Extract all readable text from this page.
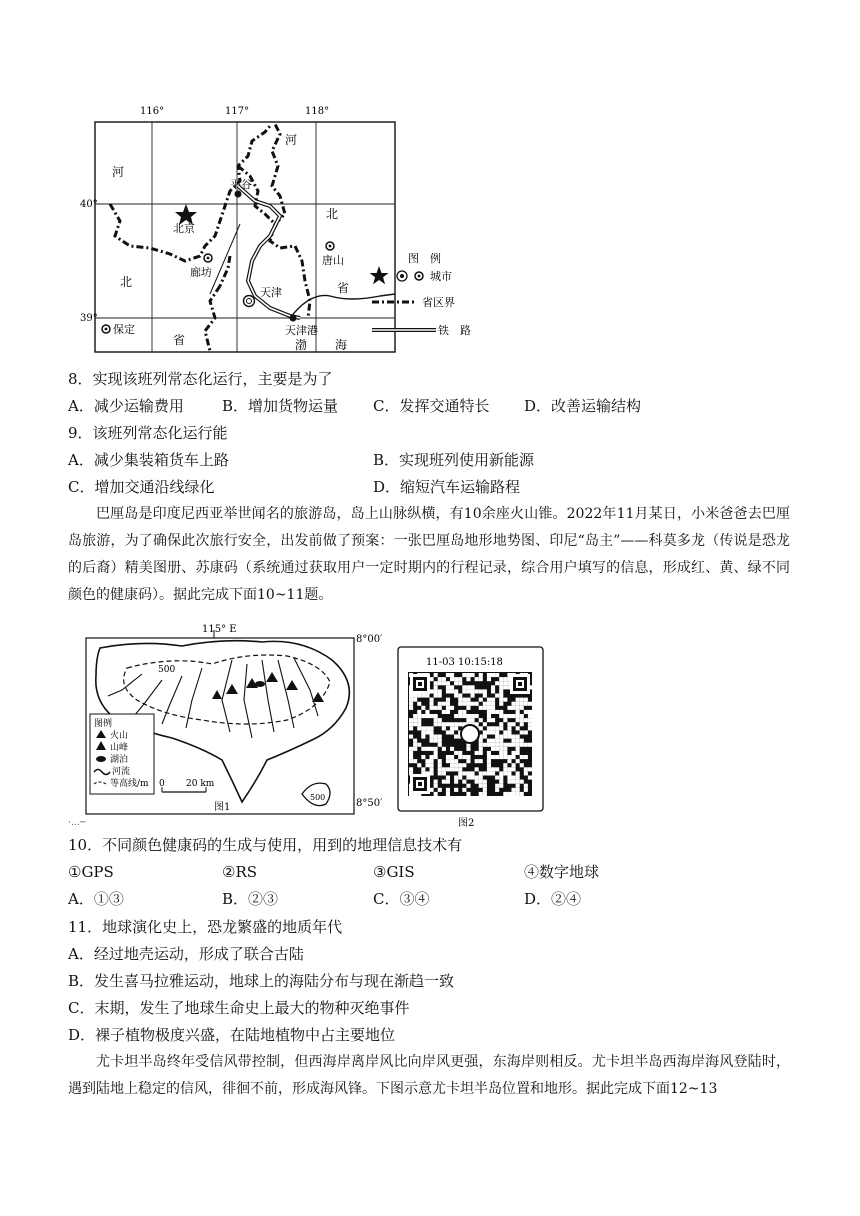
116°	117°	118°
40°
39°
北京
平谷
廊坊
唐山
天津
天津港
保定
河
河
北
北
省
省
渤 海
图　例
城市
省区界
铁　路
8．实现该班列常态化运行，主要是为了
A．减少运输费用	B．增加货物运量 C．发挥交通特长 D．改善运输结构
9．该班列常态化运行能
A．减少集装箱货车上路	B．实现班列使用新能源
C．增加交通沿线绿化	D．缩短汽车运输路程
巴厘岛是印度尼西亚举世闻名的旅游岛，岛上山脉纵横，有10余座火山锥。2022年11月某日，小米爸爸去巴厘岛旅游，为了确保此次旅行安全，出发前做了预案：一张巴厘岛地形地势图、印尼“岛主”——科莫多龙（传说是恐龙的后裔）精美图册、苏康码（系统通过获取用户一定时期内的行程记录，综合用户填写的信息，形成红、黄、绿不同颜色的健康码）。据此完成下面10~11题。
115° E
8°00′
8°50′
500
500
图例
火山
山峰
湖泊
河流
等高线/m 0 20 km
图1
11-03 10:15:18
图2
·…─
10．不同颜色健康码的生成与使用，用到的地理信息技术有
①GPS	②RS	③GIS	④数字地球
A．①③	B．②③	C．③④	D．②④
11．地球演化史上，恐龙繁盛的地质年代
A．经过地壳运动，形成了联合古陆
B．发生喜马拉雅运动，地球上的海陆分布与现在渐趋一致
C．末期，发生了地球生命史上最大的物种灭绝事件
D．裸子植物极度兴盛，在陆地植物中占主要地位
尤卡坦半岛终年受信风带控制，但西海岸离岸风比向岸风更强，东海岸则相反。尤卡坦半岛西海岸海风登陆时，遇到陆地上稳定的信风，徘徊不前，形成海风锋。下图示意尤卡坦半岛位置和地形。据此完成下面12~13
